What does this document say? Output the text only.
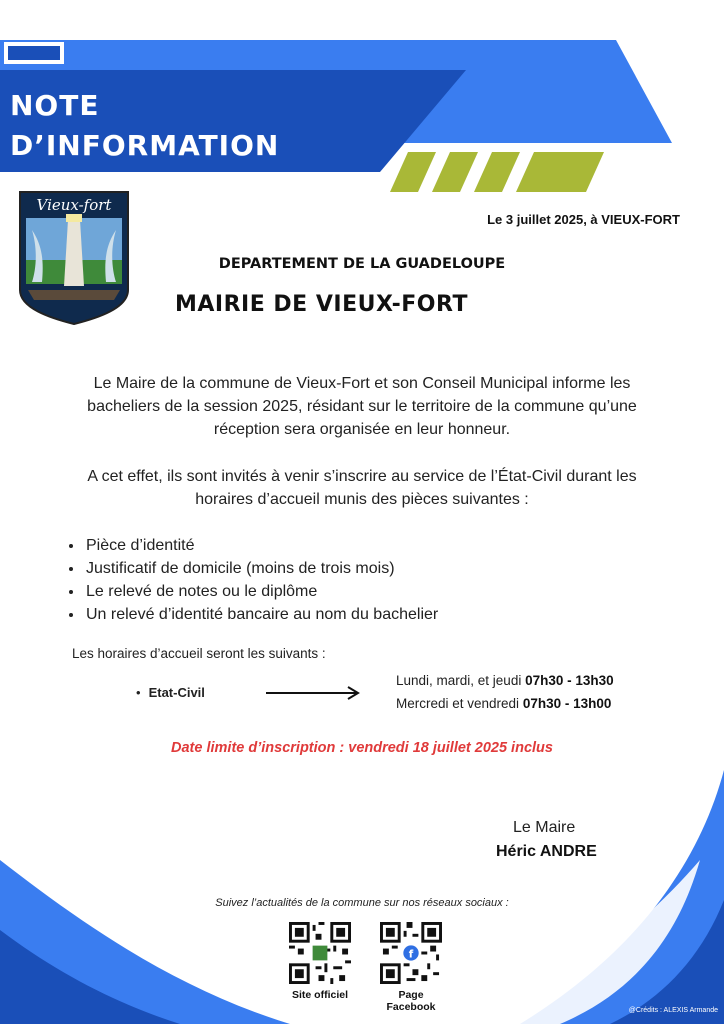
NOTE
D’INFORMATION
Vieux-fort
Le 3 juillet 2025, à VIEUX-FORT
DEPARTEMENT DE LA GUADELOUPE
MAIRIE DE VIEUX-FORT
Le Maire de la commune de Vieux-Fort et son Conseil Municipal informe les bacheliers de la session 2025, résidant sur le territoire de la commune qu’une réception sera organisée en leur honneur.
A cet effet, ils sont invités à venir s’inscrire au service de l’État-Civil durant les horaires d’accueil munis des pièces suivantes :
• Pièce d’identité
• Justificatif de domicile (moins de trois mois)
• Le relevé de notes ou le diplôme
• Un relevé d’identité bancaire au nom du bachelier
Les horaires d’accueil seront les suivants :
• Etat-Civil
Lundi, mardi, et jeudi 07h30 - 13h30
Mercredi et vendredi 07h30 - 13h00
Date limite d’inscription : vendredi 18 juillet 2025 inclus
Le Maire
Héric ANDRE
Suivez l’actualités de la commune sur nos réseaux sociaux :
Site officiel
f
Page Facebook	@Crédits : ALEXIS Armande
